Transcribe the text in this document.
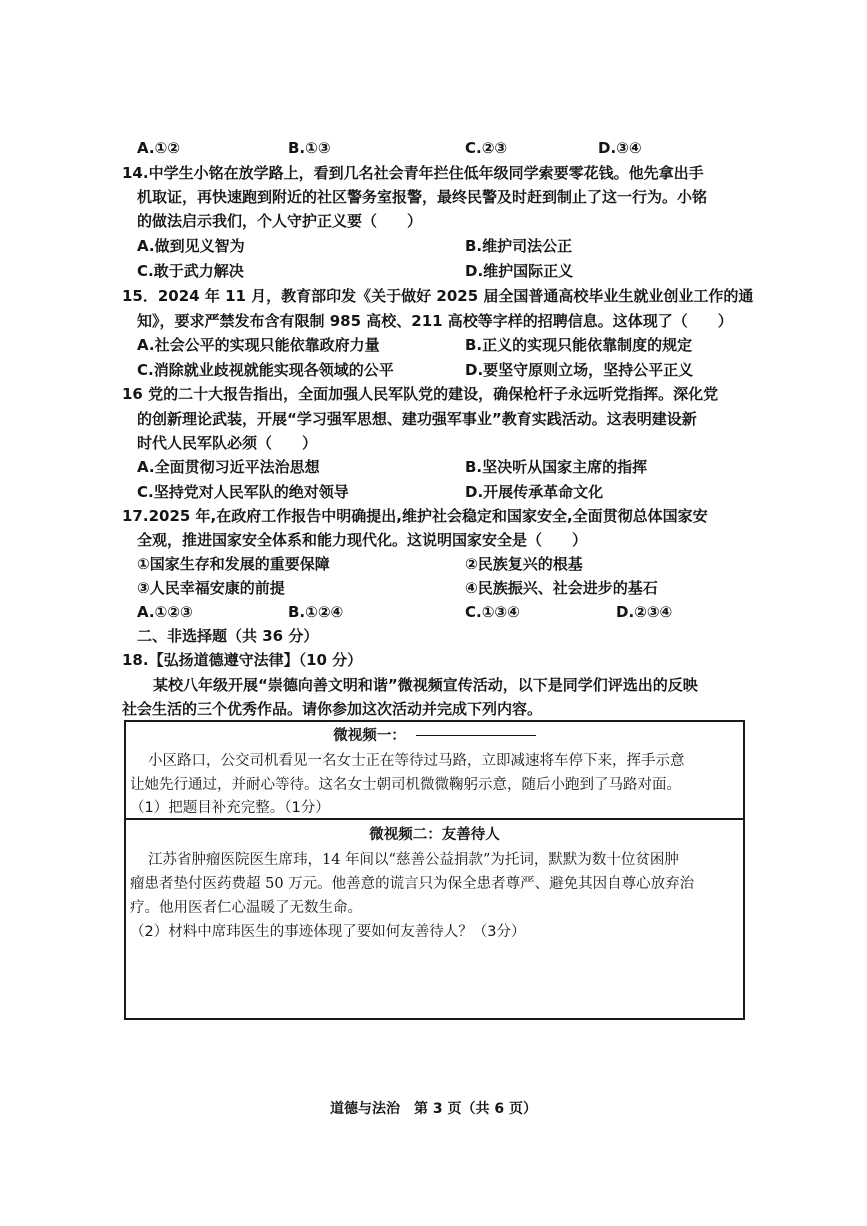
A.①②	B.①③	C.②③	D.③④
14.中学生小铭在放学路上，看到几名社会青年拦住低年级同学索要零花钱。他先拿出手
机取证，再快速跑到附近的社区警务室报警，最终民警及时赶到制止了这一行为。小铭
的做法启示我们，个人守护正义要（　　）
A.做到见义智为	B.维护司法公正
C.敢于武力解决	D.维护国际正义
15．2024 年 11 月，教育部印发《关于做好 2025 届全国普通高校毕业生就业创业工作的通
知》，要求严禁发布含有限制 985 高校、211 高校等字样的招聘信息。这体现了（　　）
A.社会公平的实现只能依靠政府力量	B.正义的实现只能依靠制度的规定
C.消除就业歧视就能实现各领域的公平	D.要坚守原则立场，坚持公平正义
16 党的二十大报告指出，全面加强人民军队党的建设，确保枪杆子永远听党指挥。深化党
的创新理论武装，开展“学习强军思想、建功强军事业”教育实践活动。这表明建设新
时代人民军队必须（　　）
A.全面贯彻习近平法治思想	B.坚决听从国家主席的指挥
C.坚持党对人民军队的绝对领导	D.开展传承革命文化
17.2025 年,在政府工作报告中明确提出,维护社会稳定和国家安全,全面贯彻总体国家安
全观，推进国家安全体系和能力现代化。这说明国家安全是（　　）
①国家生存和发展的重要保障	②民族复兴的根基
③人民幸福安康的前提	④民族振兴、社会进步的基石
A.①②③	B.①②④	C.①③④	D.②③④
二、非选择题（共 36 分）
18.【弘扬道德遵守法律】（10 分）
某校八年级开展“崇德向善文明和谐”微视频宣传活动，以下是同学们评选出的反映
社会生活的三个优秀作品。请你参加这次活动并完成下列内容。
微视频一：
小区路口，公交司机看见一名女士正在等待过马路，立即减速将车停下来，挥手示意
让她先行通过，并耐心等待。这名女士朝司机微微鞠躬示意，随后小跑到了马路对面。
（1）把题目补充完整。（1分）
微视频二：友善待人
江苏省肿瘤医院医生席玮，14 年间以“慈善公益捐款”为托词，默默为数十位贫困肿
瘤患者垫付医药费超 50 万元。他善意的谎言只为保全患者尊严、避免其因自尊心放弃治
疗。他用医者仁心温暖了无数生命。
（2）材料中席玮医生的事迹体现了要如何友善待人？（3分）
道德与法治　第 3 页（共 6 页）
